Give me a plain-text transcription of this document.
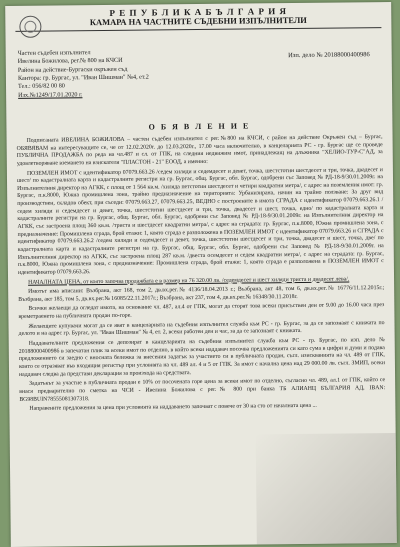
Р Е П У Б Л И К А Б Ъ Л Г А Р И Я
КАМАРА НА ЧАСТНИТЕ СЪДЕБНИ ИЗПЪЛНИТЕЛИ
Частен съдебен изпълнител
Ивелина Божилова, рег.№ 800 на КЧСИ
Район на действие-Бургаски окръжен съд
Кантора: гр. Бургас, ул. "Иван Шишман" №4, ет.2
Тел.: 056/82 00 80
Изх.№1249/17.01.2020 г.
Изп. дело № 20188000400986
О Б Я В Л Е Н И Е

Подписаната ИВЕЛИНА БОЖИЛОВА – частен съдебен изпълнител с рег.№800 на КЧСИ, с район на действие Окръжен съд – Бургас, ОБЯВЯВАМ на интересуващите се, че от 12.02.2020г. до 12.03.2020г., 17.00 часа включително, в канцеларията РС - гр. Бургас ще се проведе ПУБЛИЧНА ПРОДАЖБА по реда на чл.487 и сл. от ГПК, на следния недвижим имот, принадлежащ на длъжника "ХЕЛИО-ТУР-С"АД, за удовлетворяване вземането на взискателя "ПЛАСТОН - 21" ЕООД, а именно:

ПОЗЕМЛЕН ИМОТ с идентификатор 07079.663.26 /седем хиляди и седемдесет и девет, точка, шестстотин шестдесет и три, точка, двадесет и шест/ по кадастралната карта и кадастралните регистри на гр. Бургас, общ. Бургас, обл. Бургас, одобрени със Заповед № РД-18-9/30.01.2009г. на Изпълнителния директор на АГКК, с площ от 1 564 кв.м. /хиляда петстотин шестдесет и четири квадратни метра/, с адрес на поземления имот: гр. Бургас, п.к.8000, Южна промишлена зона, трайно предназначение на територията: Урбанизирана, начин на трайно ползване: За друг вид производствен, складов обект, при съседи: 07079.663.27, 07079.663.25, ВЕДНО с построените в имота СГРАДА с идентификатор 07079.663.26.1 /седем хиляди и седемдесет и девет, точка, шестстотин шестдесет и три, точка, двадесет и шест, точка, едно/ по кадастралната карта и кадастралните регистри на гр. Бургас, общ. Бургас, обл. Бургас, одобрени със Заповед № РД-18-9/30.01.2009г. на Изпълнителния директор на АГКК, със застроена площ 360 кв.м. /триста и шестдесет квадратни метра/, с адрес на сградата: гр. Бургас, п.к.8000, Южна промишлена зона, с предназначение: Промишлена сграда, брой етажи: 1, която сграда е разположена в ПОЗЕМЛЕН ИМОТ с идентификатор 07079.663.26 и СГРАДА с идентификатор 07079.663.26.2 /седем хиляди и седемдесет и девет, точка, шестстотин шестдесет и три, точка, двадесет и шест, точка, две/ по кадастралната карта и кадастралните регистри на гр. Бургас, общ. Бургас, обл. Бургас, одобрени със Заповед № РД-18-9/30.01.2009г. на Изпълнителния директор на АГКК, със застроена площ 287 кв.м. /двеста осемдесет и седем квадратни метра/, с адрес на сградата: гр. Бургас, п.к.8000, Южна промишлена зона, с предназначение: Промишлена сграда, брой етажи: 1, която сграда е разположена в ПОЗЕМЛЕН ИМОТ с идентификатор 07079.663.26.

НАЧАЛНАТА ЦЕНА, от която започва продажбата е в размер на 76 320.00 лв. /седемдесет и шест хиляди триста и двадесет лева/.

Имотът има вписани: Възбрана, акт 168, том 2, дв.вх.рег.№ 4136/18.04.2013 г.; Възбрана, акт 48, том 6, дв.вх.рег.№ 16776/11.12.2015г.; Възбрана, акт 185, том 5, дв.вх.рег.№ 16085/22.11.2017г.; Възбрана, акт 237, том 4, дв.вх.рег.№ 16348/30.11.2018г.

Всички желаещи да огледат имота, на основание чл. 487, ал.4 от ГПК, могат да сторят това всеки присъствен ден от 9.00 до 16.00 часа през времетраенето на публичната продан по-горе.

Желаещите купувачи могат да се явят в канцеларията на съдебния изпълнител служба към РС - гр. Бургас, за да се запознаят с книжата по делото и на адрес гр. Бургас, ул. "Иван Шишман" № 4, ет. 2, всеки работен ден и час, за да се запознаят с книжата.

Наддавателните предложения се депозират в канцеларията на съдебния изпълнител служба към РС - гр. Бургас, по изп. дело № 20188000400986 в запечатан плик за всеки имот по отделно, в който всеки наддавач посочва предложенията си като сума в цифри и думи и подава предложението си заедно с вносната бележка за внесения задатък за участието си в публичната продан, съгл. изискванията на чл. 489 от ГПК, които се отразяват във входящия регистър при условията на чл. 489 ал. 4 и 5 от ГПК. За имот с начална цена над 29 000.00 лв. съгл. ЗМИП, всеки наддавач следва да представи декларация за произхода на средствата.

Задатъкът за участие в публичната продан е 10% от посочената горе цена за всеки имот по отделно, съгласно чл. 489, ал.1 от ГПК, който се внася предварително по сметка на ЧСИ - Ивелина Божилова с рег.№ 800 при банка ТБ АЛИАНЦ БЪЛГАРИЯ АД, IBAN: BG98BUIN78555081307318.

Направените предложения за цена при условията на наддаването започват с повече от 30 на сто от началната цена ...
